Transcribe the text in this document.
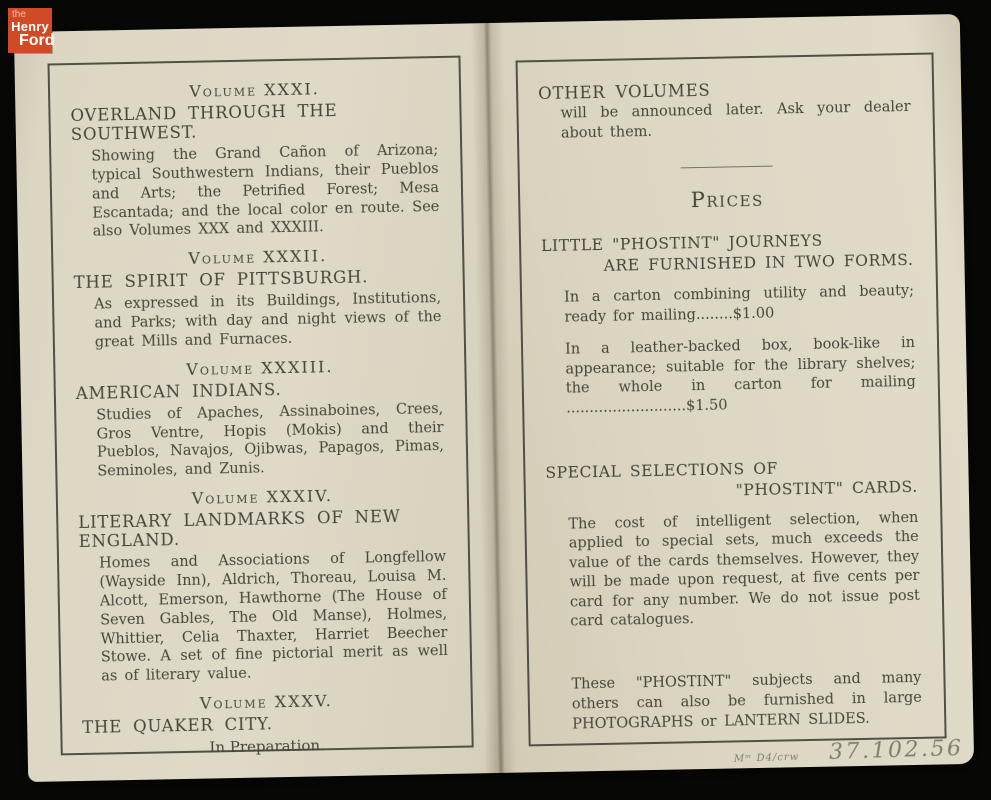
the
Henry
Ford
Volume XXXI.
OVERLAND THROUGH THE SOUTHWEST.

Showing the Grand Cañon of Arizona; typical Southwestern Indians, their Pueblos and Arts; the Petrified Forest; Mesa Escantada; and the local color en route. See also Volumes XXX and XXXIII.

Volume XXXII.
THE SPIRIT OF PITTSBURGH.

As expressed in its Buildings, Institutions, and Parks; with day and night views of the great Mills and Furnaces.

Volume XXXIII.
AMERICAN INDIANS.

Studies of Apaches, Assinaboines, Crees, Gros Ventre, Hopis (Mokis) and their Pueblos, Navajos, Ojibwas, Papagos, Pimas, Seminoles, and Zunis.

Volume XXXIV.
LITERARY LANDMARKS OF NEW ENGLAND.

Homes and Associations of Longfellow (Wayside Inn), Aldrich, Thoreau, Louisa M. Alcott, Emerson, Hawthorne (The House of Seven Gables, The Old Manse), Holmes, Whittier, Celia Thaxter, Harriet Beecher Stowe. A set of fine pictorial merit as well as of literary value.

Volume XXXV.
THE QUAKER CITY.

In Preparation.

OTHER VOLUMES

will be announced later. Ask your dealer about them.

Prices
LITTLE "PHOSTINT" JOURNEYS
ARE FURNISHED IN TWO FORMS.

In a carton combining utility and beauty; ready for mailing........$1.00

In a leather-backed box, book-like in appearance; suitable for the library shelves; the whole in carton for mailing ..........................$1.50

SPECIAL SELECTIONS OF
"PHOSTINT" CARDS.

The cost of intelligent selection, when applied to special sets, much exceeds the value of the cards themselves. However, they will be made upon request, at five cents per card for any number. We do not issue post card catalogues.

These "PHOSTINT" subjects and many others can also be furnished in large PHOTOGRAPHS or LANTERN SLIDES.

Mᵐ D4/crw 37.102.56
